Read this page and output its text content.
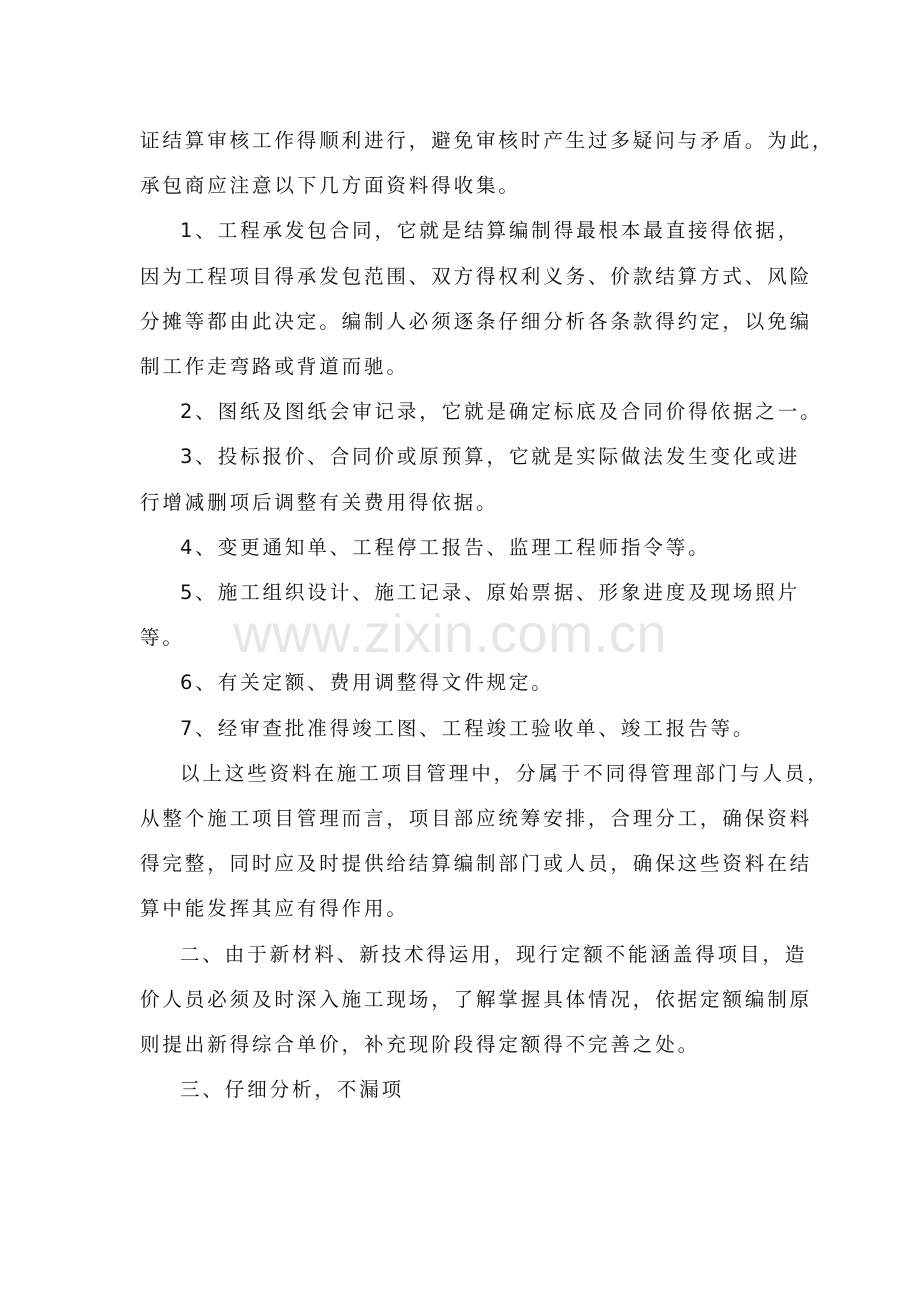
证结算审核工作得顺利进行，避免审核时产生过多疑问与矛盾。为此，
承包商应注意以下几方面资料得收集。
1、工程承发包合同，它就是结算编制得最根本最直接得依据，
因为工程项目得承发包范围、双方得权利义务、价款结算方式、风险
分摊等都由此决定。编制人必须逐条仔细分析各条款得约定，以免编
制工作走弯路或背道而驰。
2、图纸及图纸会审记录，它就是确定标底及合同价得依据之一。
3、投标报价、合同价或原预算，它就是实际做法发生变化或进
行增减删项后调整有关费用得依据。
4、变更通知单、工程停工报告、监理工程师指令等。
5、施工组织设计、施工记录、原始票据、形象进度及现场照片
等。
6、有关定额、费用调整得文件规定。
7、经审查批准得竣工图、工程竣工验收单、竣工报告等。
以上这些资料在施工项目管理中，分属于不同得管理部门与人员，
从整个施工项目管理而言，项目部应统筹安排，合理分工，确保资料
得完整，同时应及时提供给结算编制部门或人员，确保这些资料在结
算中能发挥其应有得作用。
二、由于新材料、新技术得运用，现行定额不能涵盖得项目，造
价人员必须及时深入施工现场，了解掌握具体情况，依据定额编制原
则提出新得综合单价，补充现阶段得定额得不完善之处。
三、仔细分析，不漏项
www.zixin.com.cn
